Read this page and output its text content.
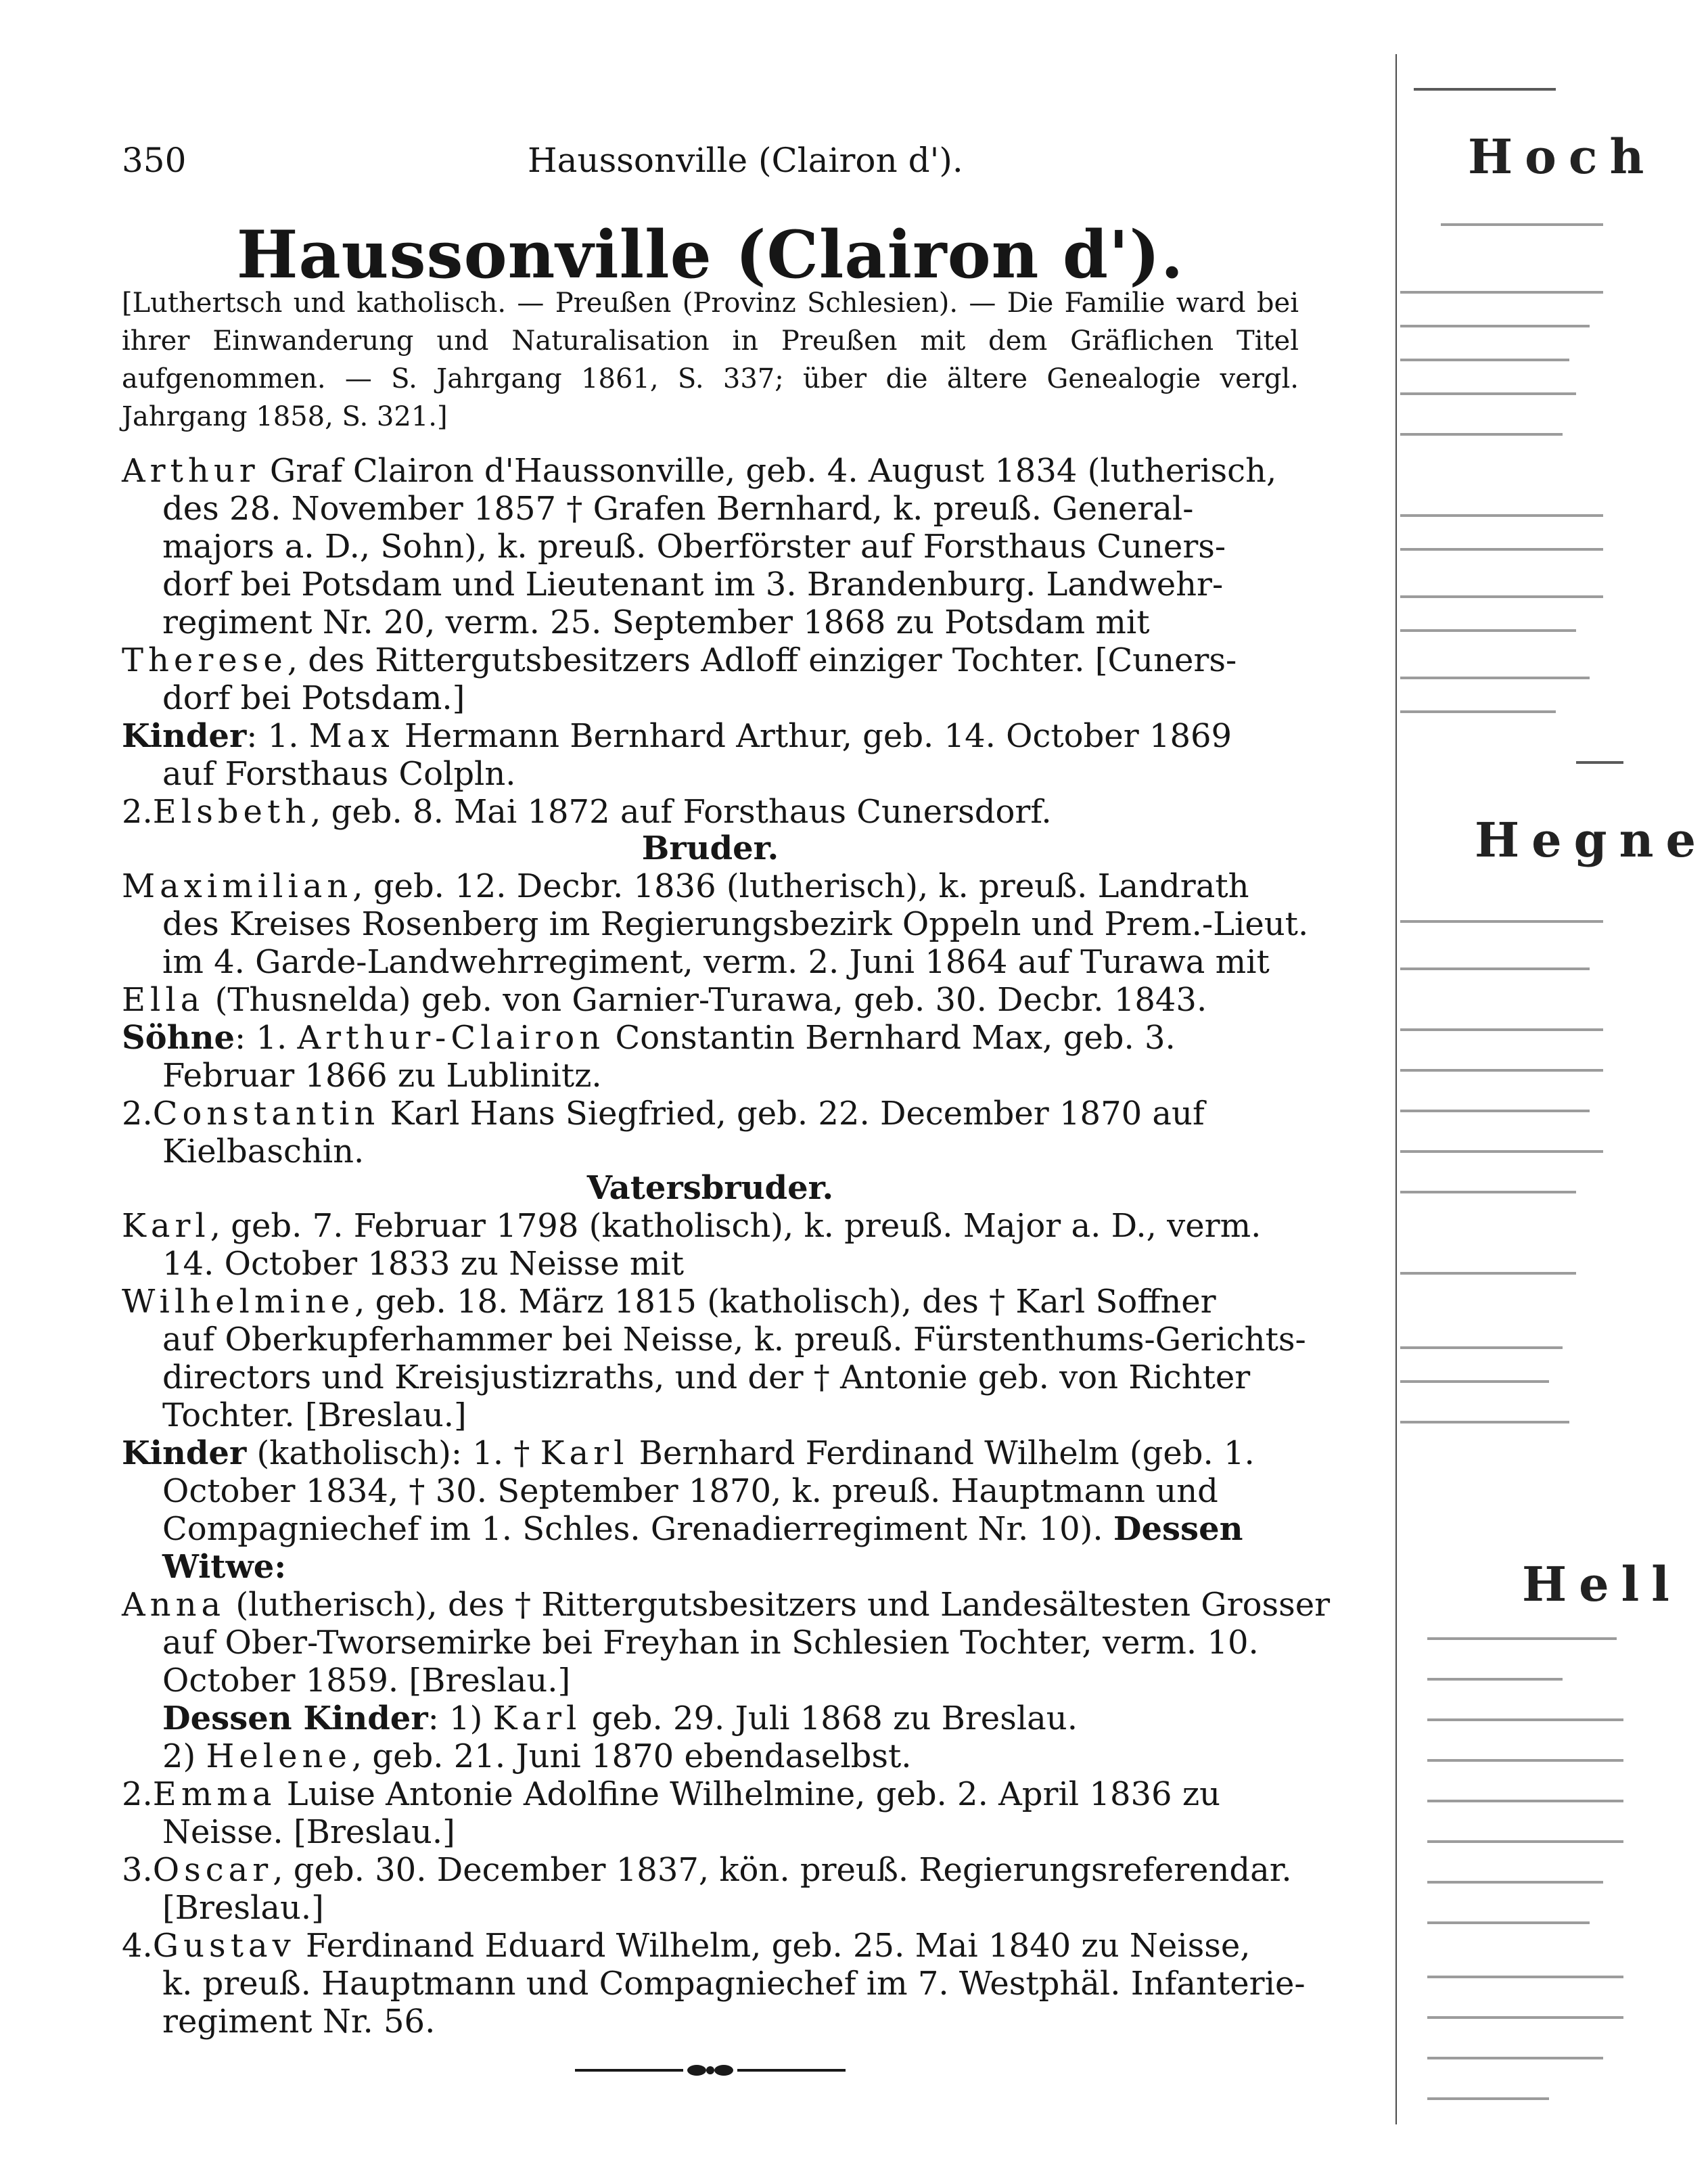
350	Haussonville (Clairon d').
Haussonville (Clairon d').
[Luthertsch und katholisch. — Preußen (Provinz Schlesien). — Die Familie ward bei ihrer Einwanderung und Naturalisation in Preußen mit dem Gräflichen Titel aufgenommen. — S. Jahrgang 1861, S. 337; über die ältere Genealogie vergl. Jahrgang 1858, S. 321.]
Arthur Graf Clairon d'Haussonville, geb. 4. August 1834 (lutherisch,
des 28. November 1857 † Grafen Bernhard, k. preuß. General-
majors a. D., Sohn), k. preuß. Oberförster auf Forsthaus Cuners-
dorf bei Potsdam und Lieutenant im 3. Brandenburg. Landwehr-
regiment Nr. 20, verm. 25. September 1868 zu Potsdam mit
Therese, des Rittergutsbesitzers Adloff einziger Tochter. [Cuners-
dorf bei Potsdam.]
Kinder: 1. Max Hermann Bernhard Arthur, geb. 14. October 1869
auf Forsthaus Colpln.
2.Elsbeth, geb. 8. Mai 1872 auf Forsthaus Cunersdorf.
Bruder.
Maximilian, geb. 12. Decbr. 1836 (lutherisch), k. preuß. Landrath
des Kreises Rosenberg im Regierungsbezirk Oppeln und Prem.-Lieut.
im 4. Garde-Landwehrregiment, verm. 2. Juni 1864 auf Turawa mit
Ella (Thusnelda) geb. von Garnier-Turawa, geb. 30. Decbr. 1843.
Söhne: 1. Arthur-Clairon Constantin Bernhard Max, geb. 3.
Februar 1866 zu Lublinitz.
2.Constantin Karl Hans Siegfried, geb. 22. December 1870 auf
Kielbaschin.
Vatersbruder.
Karl, geb. 7. Februar 1798 (katholisch), k. preuß. Major a. D., verm.
14. October 1833 zu Neisse mit
Wilhelmine, geb. 18. März 1815 (katholisch), des † Karl Soffner
auf Oberkupferhammer bei Neisse, k. preuß. Fürstenthums-Gerichts-
directors und Kreisjustizraths, und der † Antonie geb. von Richter
Tochter. [Breslau.]
Kinder (katholisch): 1. † Karl Bernhard Ferdinand Wilhelm (geb. 1.
October 1834, † 30. September 1870, k. preuß. Hauptmann und
Compagniechef im 1. Schles. Grenadierregiment Nr. 10). Dessen
Witwe:
Anna (lutherisch), des † Rittergutsbesitzers und Landesältesten Grosser
auf Ober-Tworsemirke bei Freyhan in Schlesien Tochter, verm. 10.
October 1859. [Breslau.]
Dessen Kinder: 1) Karl geb. 29. Juli 1868 zu Breslau.
2) Helene, geb. 21. Juni 1870 ebendaselbst.
2.Emma Luise Antonie Adolfine Wilhelmine, geb. 2. April 1836 zu
Neisse. [Breslau.]
3.Oscar, geb. 30. December 1837, kön. preuß. Regierungsreferendar.
[Breslau.]
4.Gustav Ferdinand Eduard Wilhelm, geb. 25. Mai 1840 zu Neisse,
k. preuß. Hauptmann und Compagniechef im 7. Westphäl. Infanterie-
regiment Nr. 56.
Hoch
Hegne
Hell
